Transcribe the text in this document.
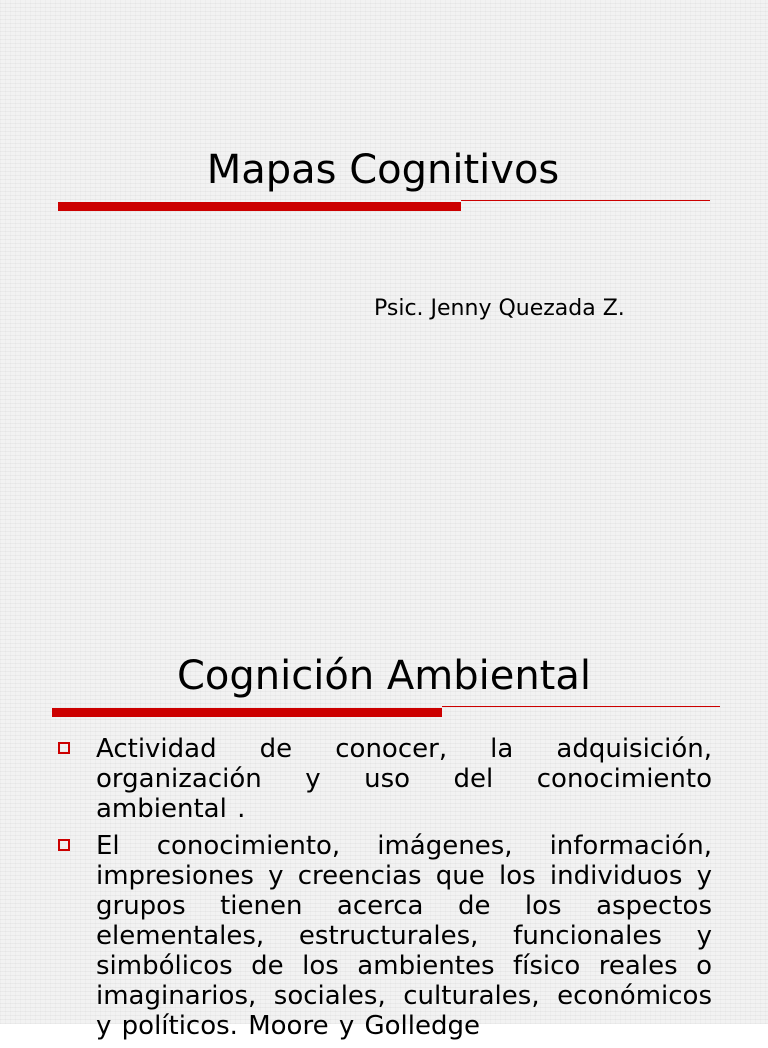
Mapas Cognitivos
Psic. Jenny Quezada Z.
Cognición Ambiental
Actividad de conocer, la adquisición, organización y uso del conocimiento ambiental .
El conocimiento, imágenes, información, impresiones y creencias que los individuos y grupos tienen acerca de los aspectos elementales, estructurales, funcionales y simbólicos de los ambientes físico reales o imaginarios, sociales, culturales, económicos y políticos. Moore y Golledge
